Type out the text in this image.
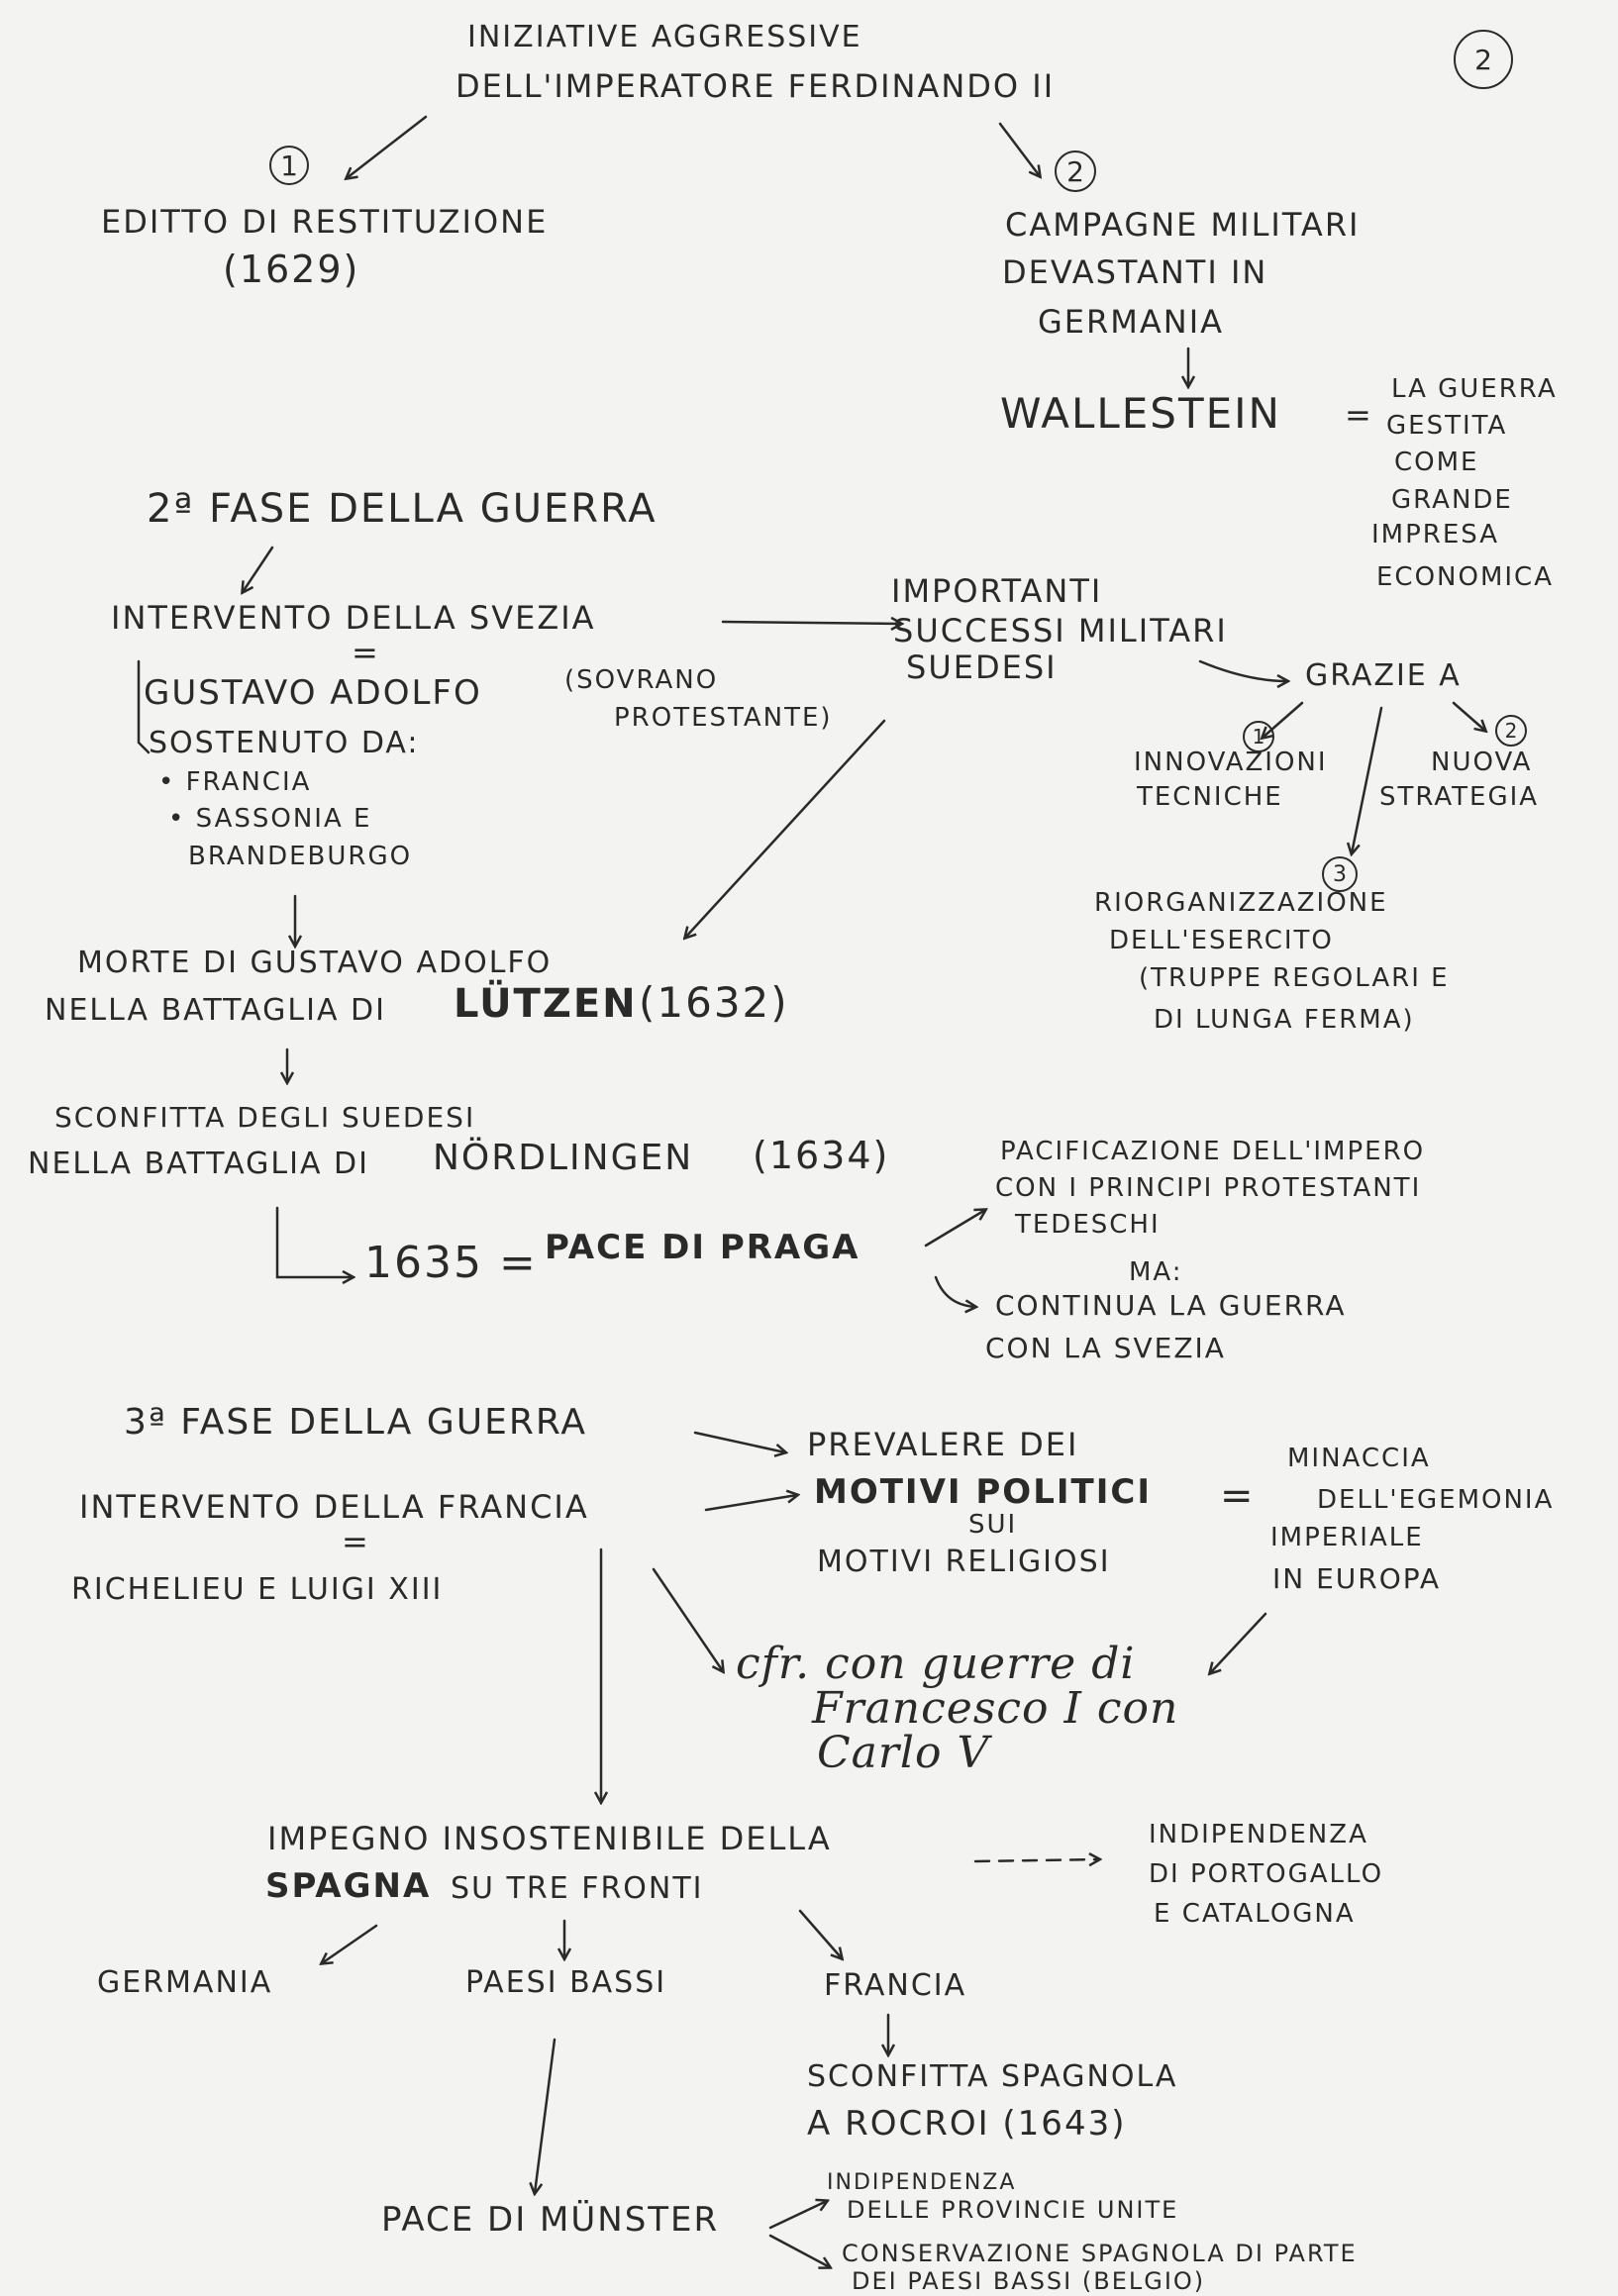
2
INIZIATIVE AGGRESSIVE
DELL'IMPERATORE FERDINANDO II
1
EDITTO DI RESTITUZIONE
(1629)
2
CAMPAGNE MILITARI
DEVASTANTI IN
GERMANIA
WALLESTEIN =
LA GUERRA
GESTITA
COME
GRANDE
IMPRESA
ECONOMICA
2ª FASE DELLA GUERRA
INTERVENTO DELLA SVEZIA
=
GUSTAVO ADOLFO	(SOVRANO
PROTESTANTE)
SOSTENUTO DA:
• FRANCIA
• SASSONIA E
BRANDEBURGO
IMPORTANTI
SUCCESSI MILITARI
SUEDESI	GRAZIE A
1
INNOVAZIONI
TECNICHE
2
NUOVA
STRATEGIA
3
RIORGANIZZAZIONE
DELL'ESERCITO
(TRUPPE REGOLARI E
DI LUNGA FERMA)
MORTE DI GUSTAVO ADOLFO
NELLA BATTAGLIA DI LÜTZEN (1632)
SCONFITTA DEGLI SUEDESI
NELLA BATTAGLIA DI NÖRDLINGEN (1634)
1635 = PACE DI PRAGA
PACIFICAZIONE DELL'IMPERO
CON I PRINCIPI PROTESTANTI
TEDESCHI
MA:
CONTINUA LA GUERRA
CON LA SVEZIA
3ª FASE DELLA GUERRA
INTERVENTO DELLA FRANCIA
=
RICHELIEU E LUIGI XIII
PREVALERE DEI
MOTIVI POLITICI =
SUI
MOTIVI RELIGIOSI
MINACCIA
DELL'EGEMONIA
IMPERIALE
IN EUROPA
cfr. con guerre di
Francesco I con
Carlo V
IMPEGNO INSOSTENIBILE DELLA
SPAGNA SU TRE FRONTI
INDIPENDENZA
DI PORTOGALLO
E CATALOGNA
GERMANIA	PAESI BASSI	FRANCIA
SCONFITTA SPAGNOLA
A ROCROI (1643)
PACE DI MÜNSTER
INDIPENDENZA
DELLE PROVINCIE UNITE
CONSERVAZIONE SPAGNOLA DI PARTE
DEI PAESI BASSI (BELGIO)
